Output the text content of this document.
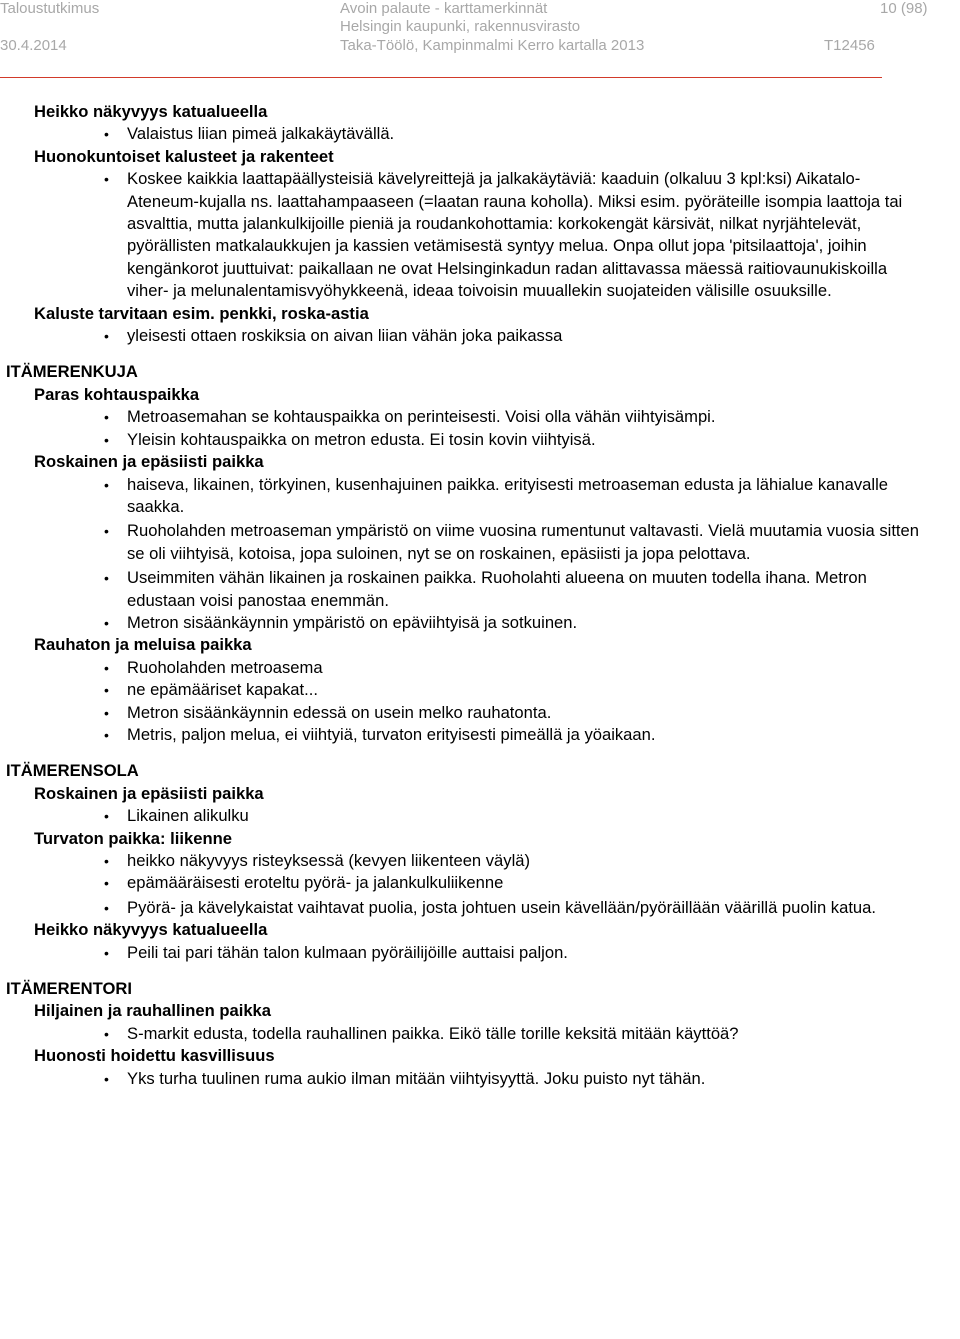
Taloustutkimus	Avoin palaute - karttamerkinnät	10 (98)
Helsingin kaupunki, rakennusvirasto
30.4.2014	Taka-Töölö, Kampinmalmi Kerro kartalla 2013	T12456

Heikko näkyvyys katualueella

• Valaistus liian pimeä jalkakäytävällä.

Huonokuntoiset kalusteet ja rakenteet

• Koskee kaikkia laattapäällysteisiä kävelyreittejä ja jalkakäytäviä: kaaduin (olkaluu 3 kpl:ksi) Aikatalo-Ateneum-kujalla ns. laattahampaaseen (=laatan rauna koholla). Miksi esim. pyöräteille isompia laattoja tai asvalttia, mutta jalankulkijoille pieniä ja roudankohottamia: korkokengät kärsivät, nilkat nyrjähtelevät, pyörällisten matkalaukkujen ja kassien vetämisestä syntyy melua. Onpa ollut jopa 'pitsilaattoja', joihin kengänkorot juuttuivat: paikallaan ne ovat Helsinginkadun radan alittavassa mäessä raitiovaunukiskoilla viher- ja melunalentamisvyöhykkeenä, ideaa toivoisin muuallekin suojateiden välisille osuuksille.

Kaluste tarvitaan esim. penkki, roska-astia

• yleisesti ottaen roskiksia on aivan liian vähän joka paikassa

ITÄMERENKUJA

Paras kohtauspaikka

• Metroasemahan se kohtauspaikka on perinteisesti. Voisi olla vähän viihtyisämpi.
• Yleisin kohtauspaikka on metron edusta. Ei tosin kovin viihtyisä.

Roskainen ja epäsiisti paikka

• haiseva, likainen, törkyinen, kusenhajuinen paikka. erityisesti metroaseman edusta ja lähialue kanavalle saakka.
• Ruoholahden metroaseman ympäristö on viime vuosina rumentunut valtavasti. Vielä muutamia vuosia sitten se oli viihtyisä, kotoisa, jopa suloinen, nyt se on roskainen, epäsiisti ja jopa pelottava.
• Useimmiten vähän likainen ja roskainen paikka. Ruoholahti alueena on muuten todella ihana. Metron edustaan voisi panostaa enemmän.
• Metron sisäänkäynnin ympäristö on epäviihtyisä ja sotkuinen.

Rauhaton ja meluisa paikka

• Ruoholahden metroasema
• ne epämääriset kapakat...
• Metron sisäänkäynnin edessä on usein melko rauhatonta.
• Metris, paljon melua, ei viihtyiä, turvaton erityisesti pimeällä ja yöaikaan.

ITÄMERENSOLA

Roskainen ja epäsiisti paikka

• Likainen alikulku

Turvaton paikka: liikenne

• heikko näkyvyys risteyksessä (kevyen liikenteen väylä)
• epämääräisesti eroteltu pyörä- ja jalankulkuliikenne
• Pyörä- ja kävelykaistat vaihtavat puolia, josta johtuen usein kävellään/pyöräillään väärillä puolin katua.

Heikko näkyvyys katualueella

• Peili tai pari tähän talon kulmaan pyöräilijöille auttaisi paljon.

ITÄMERENTORI

Hiljainen ja rauhallinen paikka

• S-markit edusta, todella rauhallinen paikka. Eikö tälle torille keksitä mitään käyttöä?

Huonosti hoidettu kasvillisuus

• Yks turha tuulinen ruma aukio ilman mitään viihtyisyyttä. Joku puisto nyt tähän.
